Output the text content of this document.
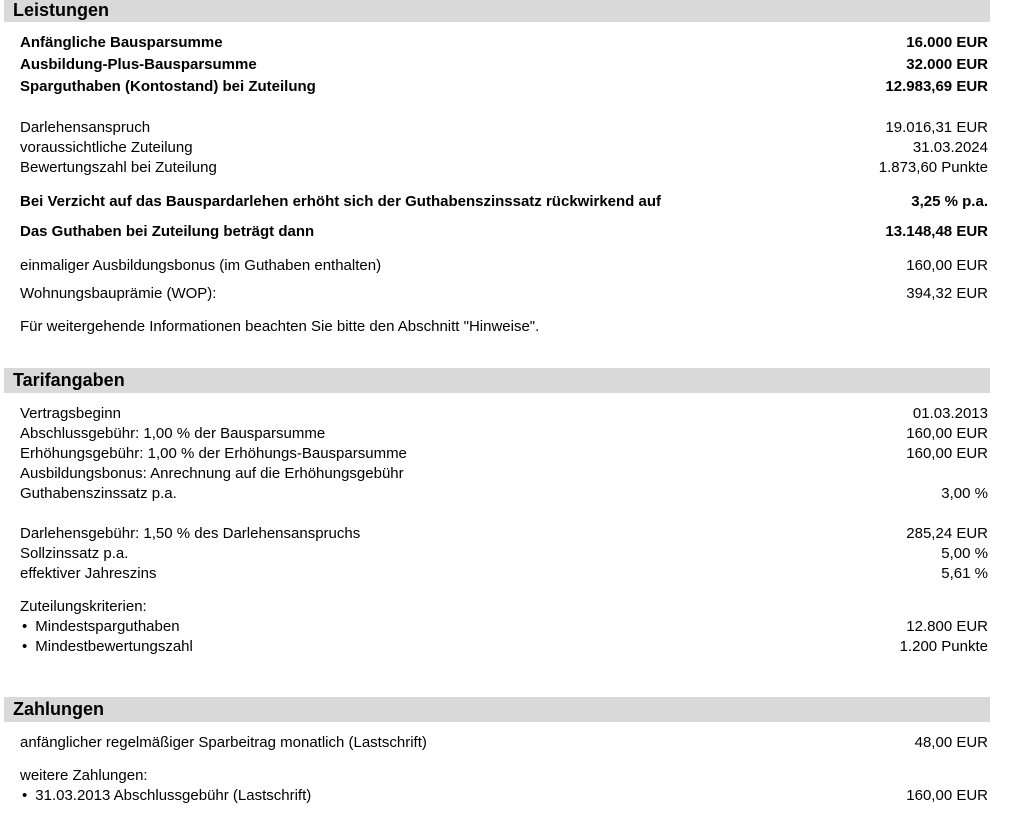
Leistungen
Anfängliche Bausparsumme	16.000 EUR
Ausbildung-Plus-Bausparsumme	32.000 EUR
Sparguthaben (Kontostand) bei Zuteilung	12.983,69 EUR
Darlehensanspruch	19.016,31 EUR
voraussichtliche Zuteilung	31.03.2024
Bewertungszahl bei Zuteilung	1.873,60 Punkte
Bei Verzicht auf das Bauspardarlehen erhöht sich der Guthabenszinssatz rückwirkend auf	3,25 % p.a.
Das Guthaben bei Zuteilung beträgt dann	13.148,48 EUR
einmaliger Ausbildungsbonus (im Guthaben enthalten)	160,00 EUR
Wohnungsbauprämie (WOP):	394,32 EUR
Für weitergehende Informationen beachten Sie bitte den Abschnitt "Hinweise".
Tarifangaben
Vertragsbeginn	01.03.2013
Abschlussgebühr: 1,00 % der Bausparsumme	160,00 EUR
Erhöhungsgebühr: 1,00 % der Erhöhungs-Bausparsumme	160,00 EUR
Ausbildungsbonus: Anrechnung auf die Erhöhungsgebühr
Guthabenszinssatz p.a.	3,00 %
Darlehensgebühr: 1,50 % des Darlehensanspruchs	285,24 EUR
Sollzinssatz p.a.	5,00 %
effektiver Jahreszins	5,61 %
Zuteilungskriterien:
• Mindestsparguthaben	12.800 EUR
• Mindestbewertungszahl	1.200 Punkte
Zahlungen
anfänglicher regelmäßiger Sparbeitrag monatlich (Lastschrift)	48,00 EUR
weitere Zahlungen:
• 31.03.2013 Abschlussgebühr (Lastschrift)	160,00 EUR
